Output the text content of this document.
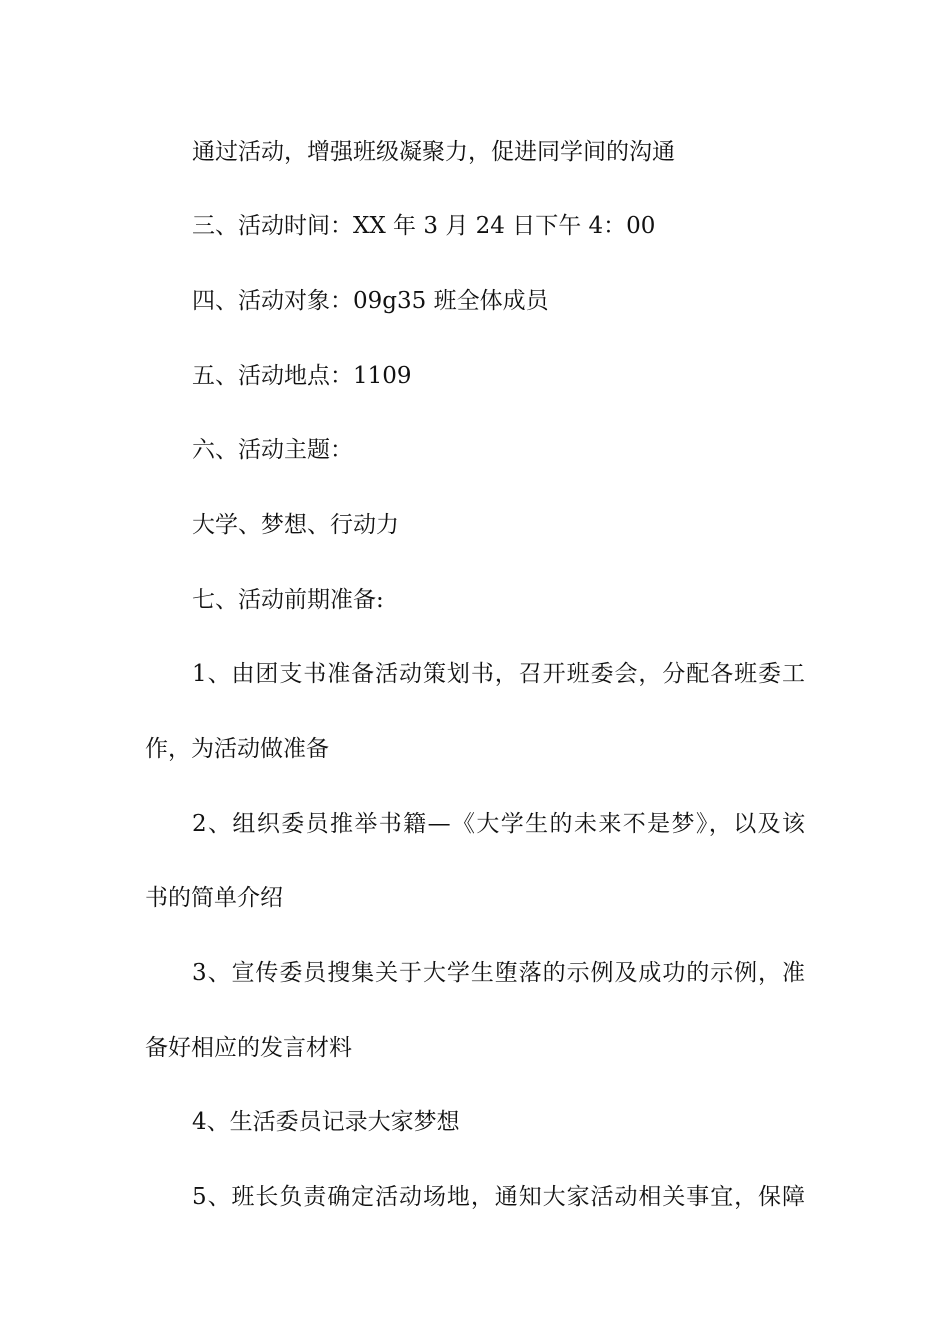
通过活动，增强班级凝聚力，促进同学间的沟通
三、活动时间：XX 年 3 月 24 日下午 4：00
四、活动对象：09g35 班全体成员
五、活动地点：1109
六、活动主题：
大学、梦想、行动力
七、活动前期准备:
1、由团支书准备活动策划书，召开班委会，分配各班委工
作，为活动做准备
2、组织委员推举书籍—《大学生的未来不是梦》，以及该
书的简单介绍
3、宣传委员搜集关于大学生堕落的示例及成功的示例，准
备好相应的发言材料
4、生活委员记录大家梦想
5、班长负责确定活动场地，通知大家活动相关事宜，保障
